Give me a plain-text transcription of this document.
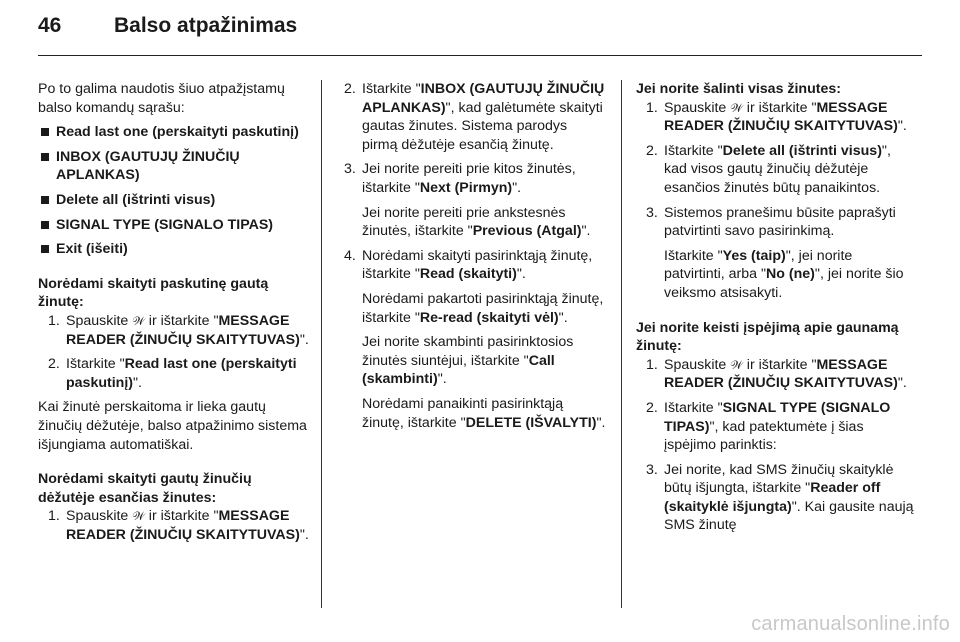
46	Balso atpažinimas

Po to galima naudotis šiuo atpažįstamų balso komandų sąrašu:

Read last one (perskaityti paskutinį)
INBOX (GAUTUJŲ ŽINUČIŲ APLANKAS)
Delete all (ištrinti visus)
SIGNAL TYPE (SIGNALO TIPAS)
Exit (išeiti)

Norėdami skaityti paskutinę gautą žinutę:

1. Spauskite 𝒲 ir ištarkite "MESSAGE READER (ŽINUČIŲ SKAITYTUVAS)".

2. Ištarkite "Read last one (perskaityti paskutinį)".

Kai žinutė perskaitoma ir lieka gautų žinučių dėžutėje, balso atpažinimo sistema išjungiama automatiškai.

Norėdami skaityti gautų žinučių dėžutėje esančias žinutes:

1. Spauskite 𝒲 ir ištarkite "MESSAGE READER (ŽINUČIŲ SKAITYTUVAS)".

2. Ištarkite "INBOX (GAUTUJŲ ŽINUČIŲ APLANKAS)", kad galėtumėte skaityti gautas žinutes. Sistema parodys pirmą dėžutėje esančią žinutę.

3. Jei norite pereiti prie kitos žinutės, ištarkite "Next (Pirmyn)".

Jei norite pereiti prie ankstesnės žinutės, ištarkite "Previous (Atgal)".

4. Norėdami skaityti pasirinktąją žinutę, ištarkite "Read (skaityti)".

Norėdami pakartoti pasirinktąją žinutę, ištarkite "Re-read (skaityti vėl)".

Jei norite skambinti pasirinktosios žinutės siuntėjui, ištarkite "Call (skambinti)".

Norėdami panaikinti pasirinktąją žinutę, ištarkite "DELETE (IŠVALYTI)".

Jei norite šalinti visas žinutes:

1. Spauskite 𝒲 ir ištarkite "MESSAGE READER (ŽINUČIŲ SKAITYTUVAS)".

2. Ištarkite "Delete all (ištrinti visus)", kad visos gautų žinučių dėžutėje esančios žinutės būtų panaikintos.

3. Sistemos pranešimu būsite paprašyti patvirtinti savo pasirinkimą.

Ištarkite "Yes (taip)", jei norite patvirtinti, arba "No (ne)", jei norite šio veiksmo atsisakyti.

Jei norite keisti įspėjimą apie gaunamą žinutę:

1. Spauskite 𝒲 ir ištarkite "MESSAGE READER (ŽINUČIŲ SKAITYTUVAS)".

2. Ištarkite "SIGNAL TYPE (SIGNALO TIPAS)", kad patektumėte į šias įspėjimo parinktis:

3. Jei norite, kad SMS žinučių skaityklė būtų išjungta, ištarkite "Reader off (skaityklė išjungta)". Kai gausite naują SMS žinutę

carmanualsonline.info
